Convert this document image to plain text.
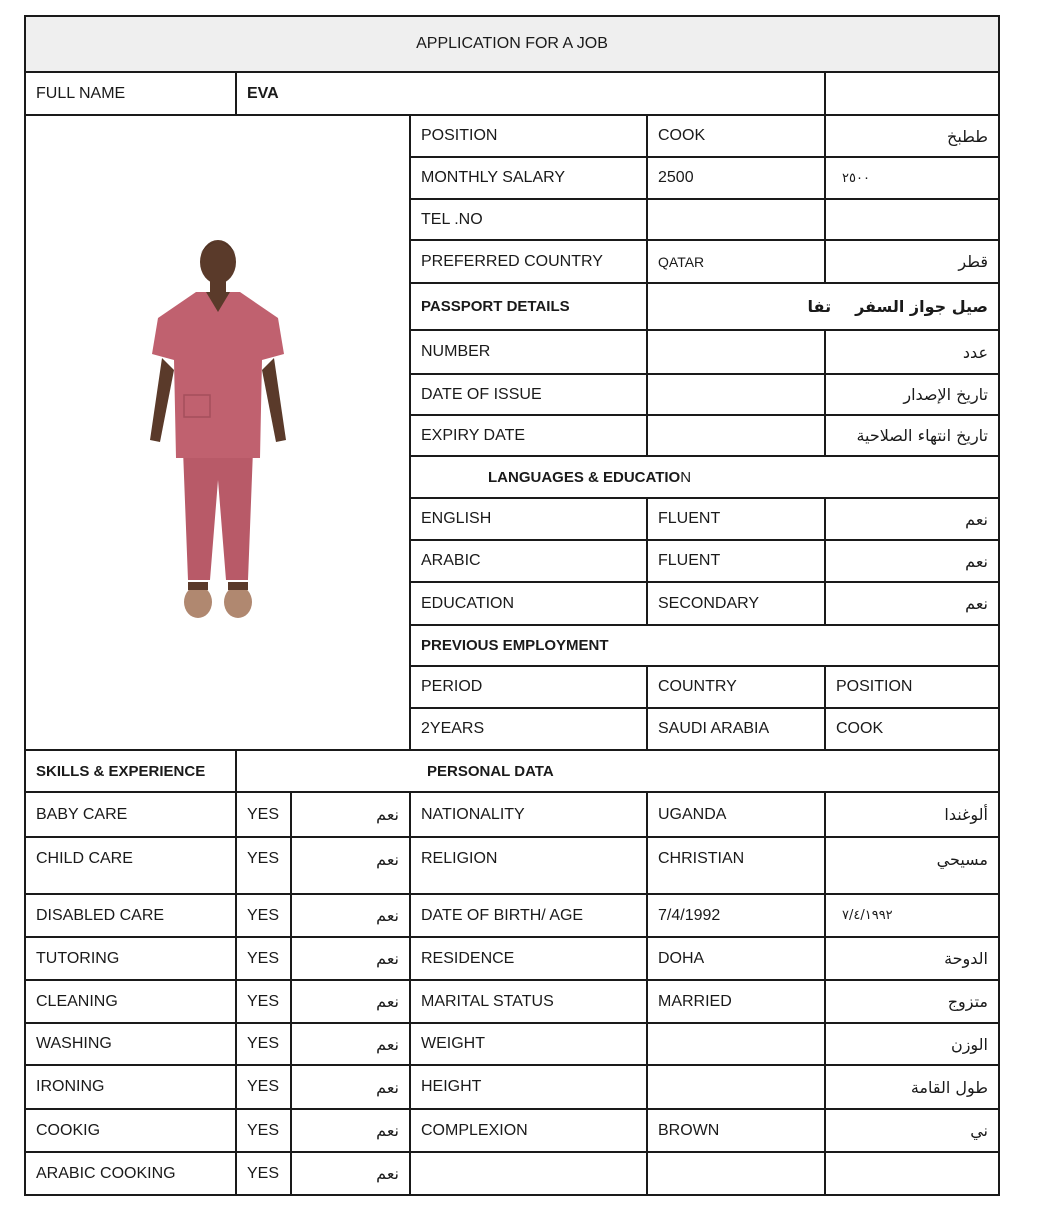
APPLICATION FOR A JOB					
FULL NAME	EVA				
	POSITION	COOK	ططبخ
			MONTHLY SALARY	2500	٢٥٠٠
			TEL .NO		
			PREFERRED COUNTRY	QATAR	قطر
			PASSPORT DETAILS	صيل جواز السفرتفا	
			NUMBER		عدد
			DATE OF ISSUE		تاريخ الإصدار
			EXPIRY DATE		تاريخ انتهاء الصلاحية
			LANGUAGES & EDUCATION		
			ENGLISH	FLUENT	نعم
			ARABIC	FLUENT	نعم
			EDUCATION	SECONDARY	نعم
			PREVIOUS EMPLOYMENT		
			PERIOD	COUNTRY	POSITION
			2YEARS	SAUDI ARABIA	COOK
SKILLS & EXPERIENCE	PERSONAL DATA				
BABY CARE	YES	نعم	NATIONALITY	UGANDA	ألوغندا
CHILD CARE	YES	نعم	RELIGION	CHRISTIAN	مسيحي
DISABLED CARE	YES	نعم	DATE OF BIRTH/ AGE	7/4/1992	٧/٤/١٩٩٢
TUTORING	YES	نعم	RESIDENCE	DOHA	الدوحة
CLEANING	YES	نعم	MARITAL STATUS	MARRIED	متزوج
WASHING	YES	نعم	WEIGHT		الوزن
IRONING	YES	نعم	HEIGHT		طول القامة
COOKIG	YES	نعم	COMPLEXION	BROWN	ني
ARABIC COOKING	YES	نعم			
